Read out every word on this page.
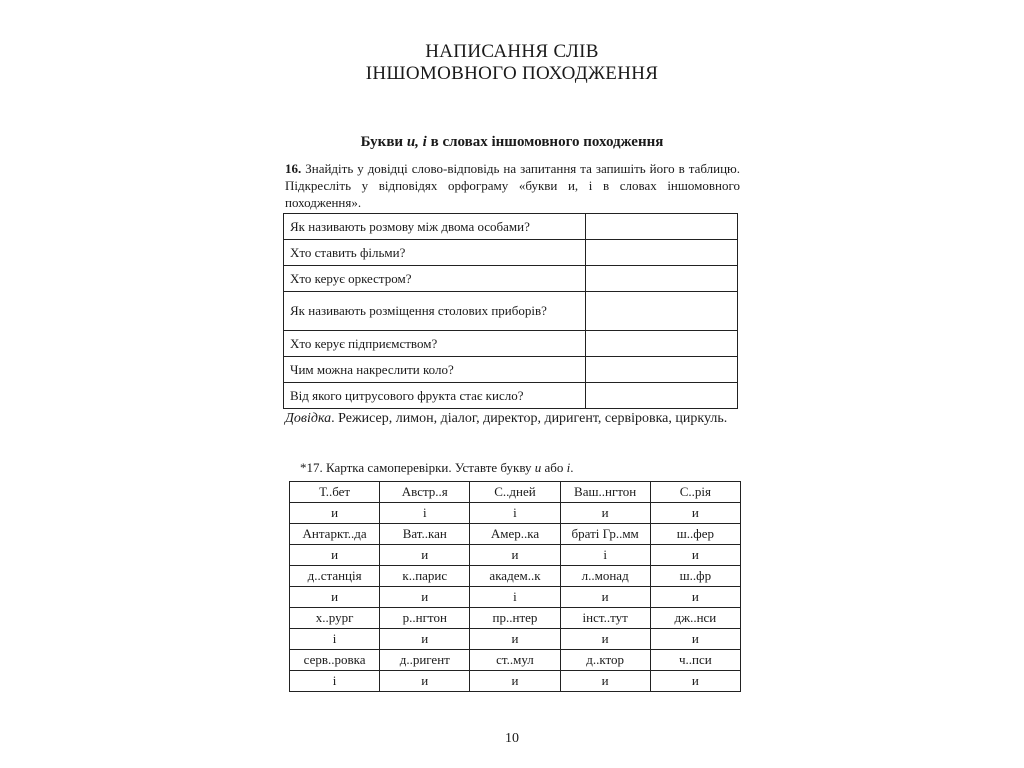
НАПИСАННЯ СЛІВ
ІНШОМОВНОГО ПОХОДЖЕННЯ
Букви и, і в словах іншомовного походження
16. Знайдіть у довідці слово-відповідь на запитання та запишіть його в таблицю. Підкресліть у відповідях орфограму «букви и, і в словах іншомовного походження».
Як називають розмову між двома особами?	
Хто ставить фільми?	
Хто керує оркестром?	
Як називають розміщення столових приборів?	
Хто керує підприємством?	
Чим можна накреслити коло?	
Від якого цитрусового фрукта стає кисло?	
Довідка. Режисер, лимон, діалог, директор, диригент, сервіровка, циркуль.
*17. Картка самоперевірки. Уставте букву и або і.
Т..бет	Австр..я	С..дней	Ваш..нгтон	С..рія
и	і	і	и	и
Антаркт..да	Ват..кан	Амер..ка	браті Гр..мм	ш..фер
и	и	и	і	и
д..станція	к..парис	академ..к	л..монад	ш..фр
и	и	і	и	и
х..рург	р..нгтон	пр..нтер	інст..тут	дж..нси
і	и	и	и	и
серв..ровка	д..ригент	ст..мул	д..ктор	ч..пси
і	и	и	и	и
10
